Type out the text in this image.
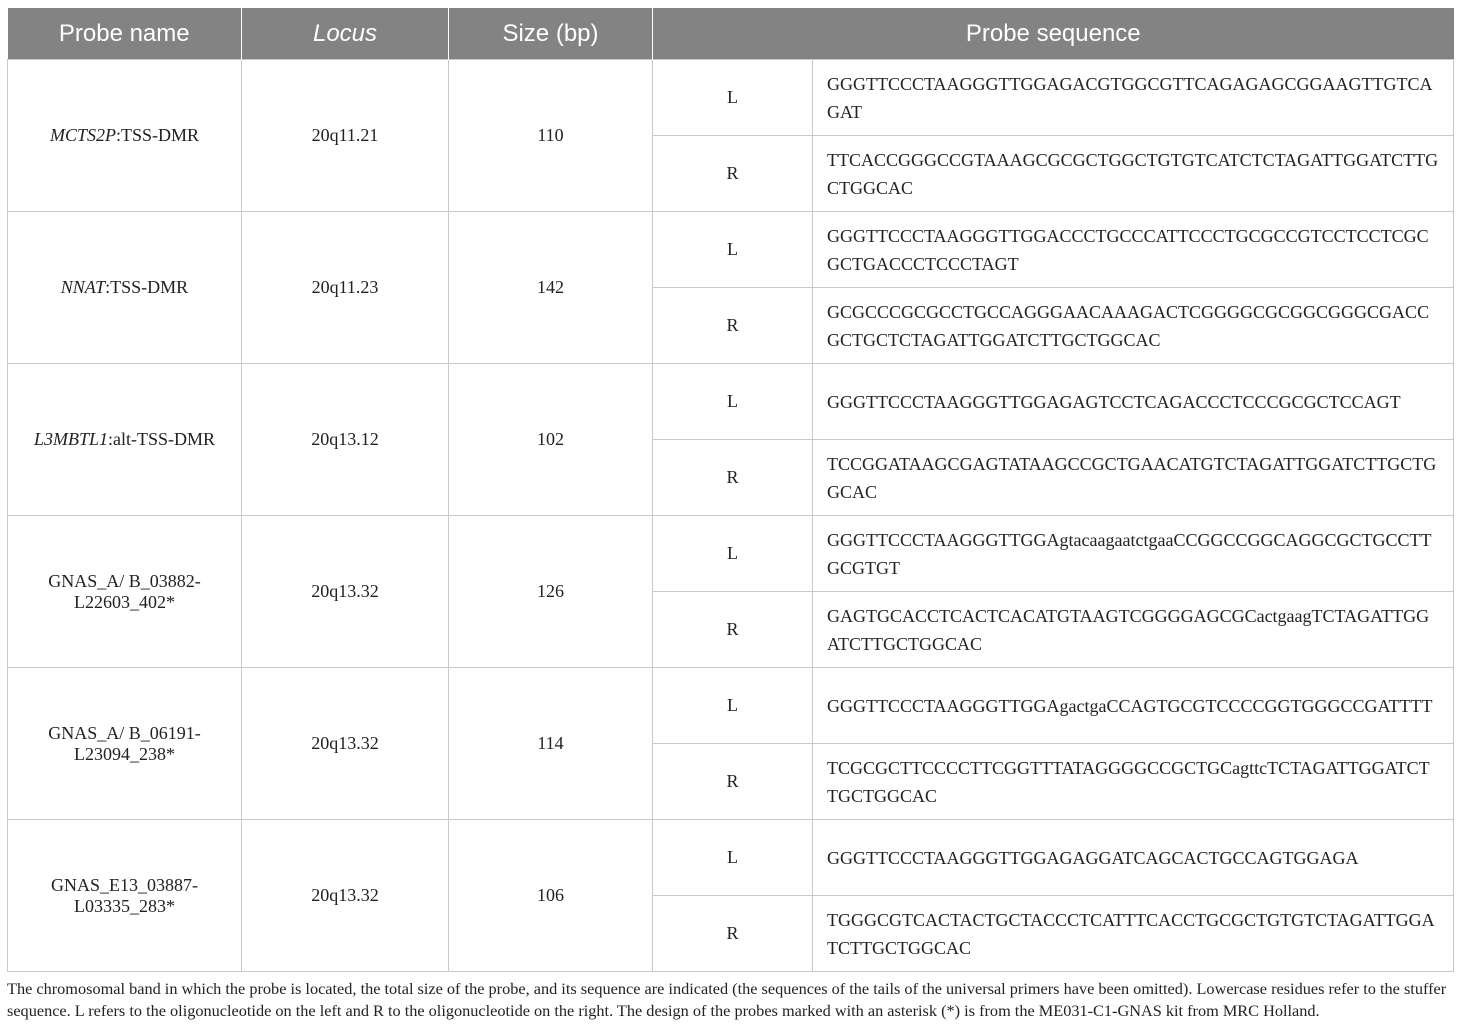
Probe name	Locus	Size (bp)	Probe sequence	
MCTS2P:TSS-DMR	20q11.21	110	L	GGGTTCCCTAAGGGTTGGAGACGTGGCGTTCAGAGAGCGGAAGTTGTCAGAT
			R	TTCACCGGGCCGTAAAGCGCGCTGGCTGTGTCATCTCTAGATTGGATCTTGCTGGCAC
NNAT:TSS-DMR	20q11.23	142	L	GGGTTCCCTAAGGGTTGGACCCTGCCCATTCCCTGCGCCGTCCTCCTCGCGCTGACCCTCCCTAGT
			R	GCGCCCGCGCCTGCCAGGGAACAAAGACTCGGGGCGCGGCGGGCGACCGCTGCTCTAGATTGGATCTTGCTGGCAC
L3MBTL1:alt-TSS-DMR	20q13.12	102	L	GGGTTCCCTAAGGGTTGGAGAGTCCTCAGACCCTCCCGCGCTCCAGT
			R	TCCGGATAAGCGAGTATAAGCCGCTGAACATGTCTAGATTGGATCTTGCTGGCAC
GNAS_A/ B_03882-L22603_402*	20q13.32	126	L	GGGTTCCCTAAGGGTTGGAgtacaagaatctgaaCCGGCCGGCAGGCGCTGCCTTGCGTGT
			R	GAGTGCACCTCACTCACATGTAAGTCGGGGAGCGCactgaagTCTAGATTGGATCTTGCTGGCAC
GNAS_A/ B_06191-L23094_238*	20q13.32	114	L	GGGTTCCCTAAGGGTTGGAgactgaCCAGTGCGTCCCCGGTGGGCCGATTTT
			R	TCGCGCTTCCCCTTCGGTTTATAGGGGCCGCTGCagttcTCTAGATTGGATCTTGCTGGCAC
GNAS_E13_03887- L03335_283*	20q13.32	106	L	GGGTTCCCTAAGGGTTGGAGAGGATCAGCACTGCCAGTGGAGA
			R	TGGGCGTCACTACTGCTACCCTCATTTCACCTGCGCTGTGTCTAGATTGGATCTTGCTGGCAC

The chromosomal band in which the probe is located, the total size of the probe, and its sequence are indicated (the sequences of the tails of the universal primers have been omitted). Lowercase residues refer to the stuffer sequence. L refers to the oligonucleotide on the left and R to the oligonucleotide on the right. The design of the probes marked with an asterisk (*) is from the ME031-C1-GNAS kit from MRC Holland.
